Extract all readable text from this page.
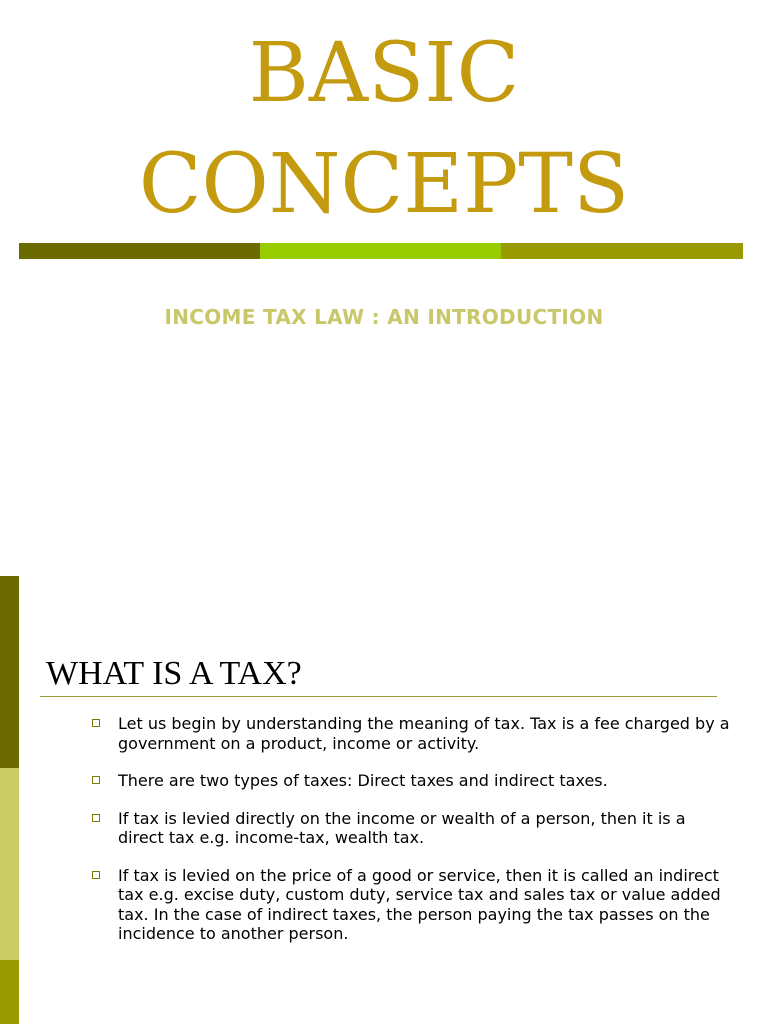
BASIC
CONCEPTS
INCOME TAX LAW : AN INTRODUCTION
WHAT IS A TAX?
Let us begin by understanding the meaning of tax. Tax is a fee charged by a government on a product, income or activity.
There are two types of taxes: Direct taxes and indirect taxes.
If tax is levied directly on the income or wealth of a person, then it is a direct tax e.g. income-tax, wealth tax.
If tax is levied on the price of a good or service, then it is called an indirect tax e.g. excise duty, custom duty, service tax and sales tax or value added tax. In the case of indirect taxes, the person paying the tax passes on the incidence to another person.
